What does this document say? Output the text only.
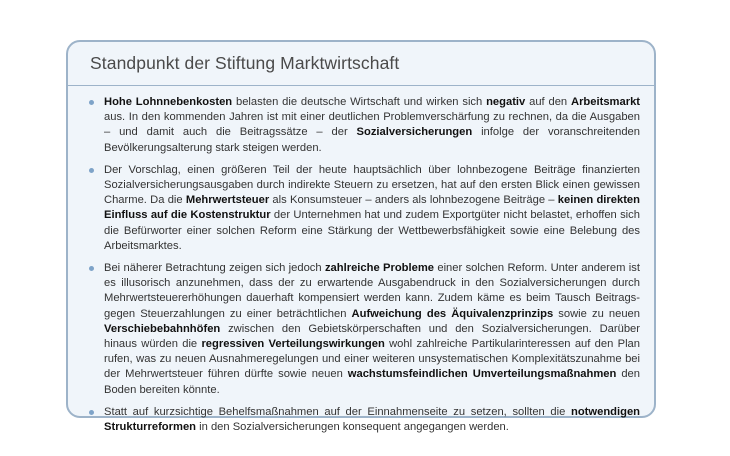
Standpunkt der Stiftung Marktwirtschaft
Hohe Lohnnebenkosten belasten die deutsche Wirtschaft und wirken sich negativ auf den Arbeitsmarkt aus. In den kommenden Jahren ist mit einer deutlichen Problemverschärfung zu rechnen, da die Ausgaben – und damit auch die Beitragssätze – der Sozialversicherungen infolge der voranschreitenden Bevölkerungsalterung stark steigen werden.
Der Vorschlag, einen größeren Teil der heute hauptsächlich über lohnbezogene Beiträge finanzierten Sozialversicherungsausgaben durch indirekte Steuern zu ersetzen, hat auf den ersten Blick einen gewissen Charme. Da die Mehrwertsteuer als Konsumsteuer – anders als lohnbezogene Beiträge – keinen direkten Einfluss auf die Kostenstruktur der Unternehmen hat und zudem Exportgüter nicht belastet, erhoffen sich die Befürworter einer solchen Reform eine Stärkung der Wettbewerbsfähigkeit sowie eine Belebung des Arbeitsmarktes.
Bei näherer Betrachtung zeigen sich jedoch zahlreiche Probleme einer solchen Reform. Unter anderem ist es illusorisch anzunehmen, dass der zu erwartende Ausgabendruck in den Sozialversicherungen durch Mehrwertsteuererhöhungen dauerhaft kompensiert werden kann. Zudem käme es beim Tausch Beitrags- gegen Steuerzahlungen zu einer beträchtlichen Aufweichung des Äquivalenzprinzips sowie zu neuen Verschiebebahnhöfen zwischen den Gebietskörperschaften und den Sozialversicherungen. Darüber hinaus würden die regressiven Verteilungswirkungen wohl zahlreiche Partikularinteressen auf den Plan rufen, was zu neuen Ausnahmeregelungen und einer weiteren unsystematischen Komplexitätszunahme bei der Mehrwertsteuer führen dürfte sowie neuen wachstumsfeindlichen Umverteilungsmaßnahmen den Boden bereiten könnte.
Statt auf kurzsichtige Behelfsmaßnahmen auf der Einnahmenseite zu setzen, sollten die notwendigen Strukturreformen in den Sozialversicherungen konsequent angegangen werden.
